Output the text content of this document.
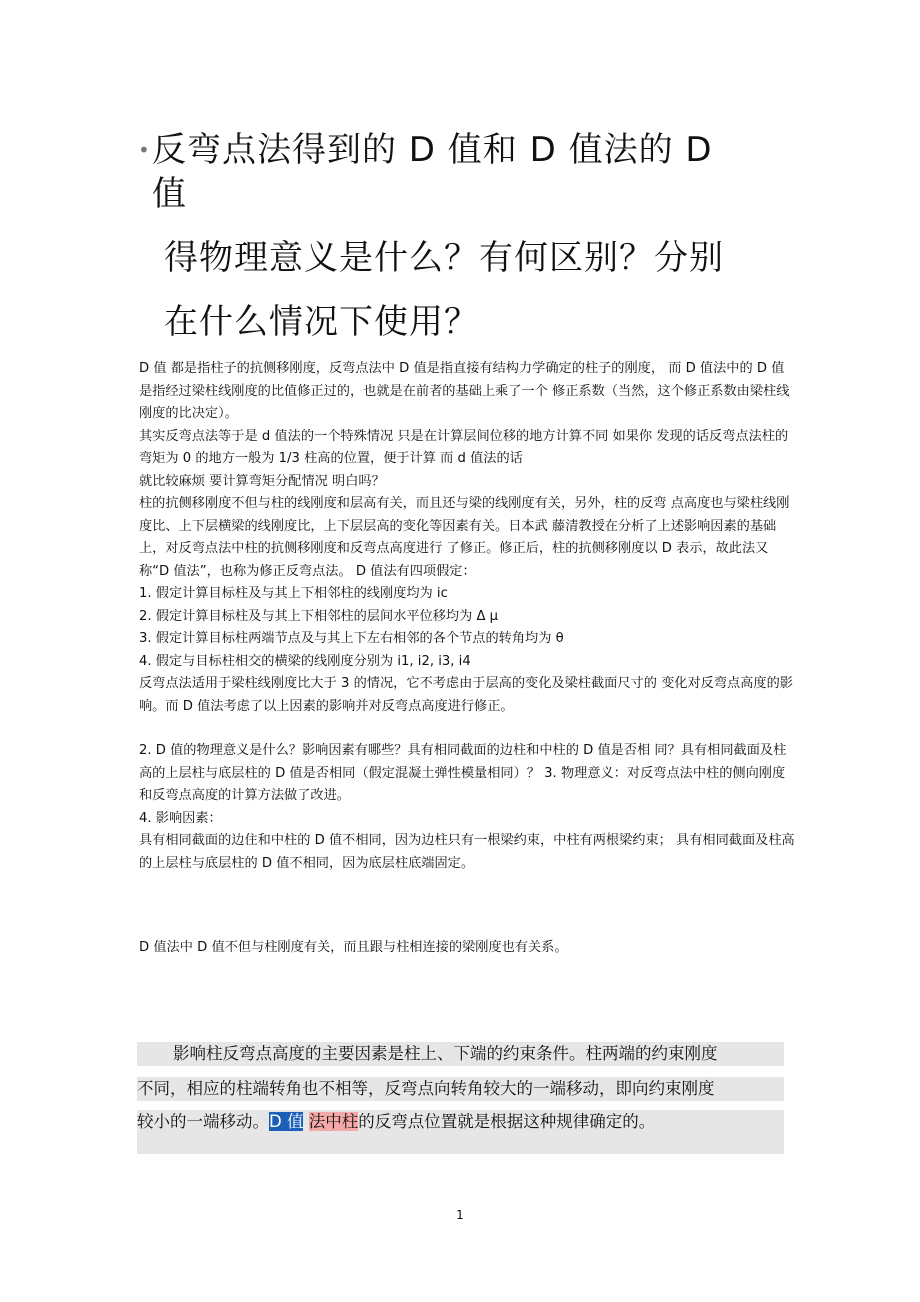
• 反弯点法得到的 D 值和 D 值法的 D
值
得物理意义是什么？有何区别？分别
在什么情况下使用？

D 值 都是指柱子的抗侧移刚度，反弯点法中 D 值是指直接有结构力学确定的柱子的刚度， 而 D 值法中的 D 值是指经过梁柱线刚度的比值修正过的，也就是在前者的基础上乘了一个 修正系数（当然，这个修正系数由梁柱线刚度的比决定）。

其实反弯点法等于是 d 值法的一个特殊情况 只是在计算层间位移的地方计算不同 如果你 发现的话反弯点法柱的弯矩为 0 的地方一般为 1/3 柱高的位置，便于计算 而 d 值法的话

就比较麻烦 要计算弯矩分配情况 明白吗？

柱的抗侧移刚度不但与柱的线刚度和层高有关，而且还与梁的线刚度有关，另外，柱的反弯 点高度也与梁柱线刚度比、上下层横梁的线刚度比，上下层层高的变化等因素有关。日本武 藤清教授在分析了上述影响因素的基础上，对反弯点法中柱的抗侧移刚度和反弯点高度进行 了修正。修正后，柱的抗侧移刚度以 D 表示，故此法又称“D 值法”，也称为修正反弯点法。 D 值法有四项假定：

1. 假定计算目标柱及与其上下相邻柱的线刚度均为 ic

2. 假定计算目标柱及与其上下相邻柱的层间水平位移均为 Δ μ

3. 假定计算目标柱两端节点及与其上下左右相邻的各个节点的转角均为 θ

4. 假定与目标柱相交的横梁的线刚度分别为 i1, i2, i3, i4

反弯点法适用于梁柱线刚度比大于 3 的情况，它不考虑由于层高的变化及梁柱截面尺寸的 变化对反弯点高度的影响。而 D 值法考虑了以上因素的影响并对反弯点高度进行修正。

2. D 值的物理意义是什么？影响因素有哪些？具有相同截面的边柱和中柱的 D 值是否相 同？具有相同截面及柱高的上层柱与底层柱的 D 值是否相同（假定混凝土弹性模量相同）？ 3. 物理意义：对反弯点法中柱的侧向刚度和反弯点高度的计算方法做了改进。

4. 影响因素：

具有相同截面的边住和中柱的 D 值不相同，因为边柱只有一根梁约束，中柱有两根梁约束； 具有相同截面及柱高的上层柱与底层柱的 D 值不相同，因为底层柱底端固定。

D 值法中 D 值不但与柱刚度有关，而且跟与柱相连接的梁刚度也有关系。

影响柱反弯点高度的主要因素是柱上、下端的约束条件。柱两端的约束刚度
不同，相应的柱端转角也不相等，反弯点向转角较大的一端移动，即向约束刚度
较小的一端移动。D 值 法中柱的反弯点位置就是根据这种规律确定的。
1
